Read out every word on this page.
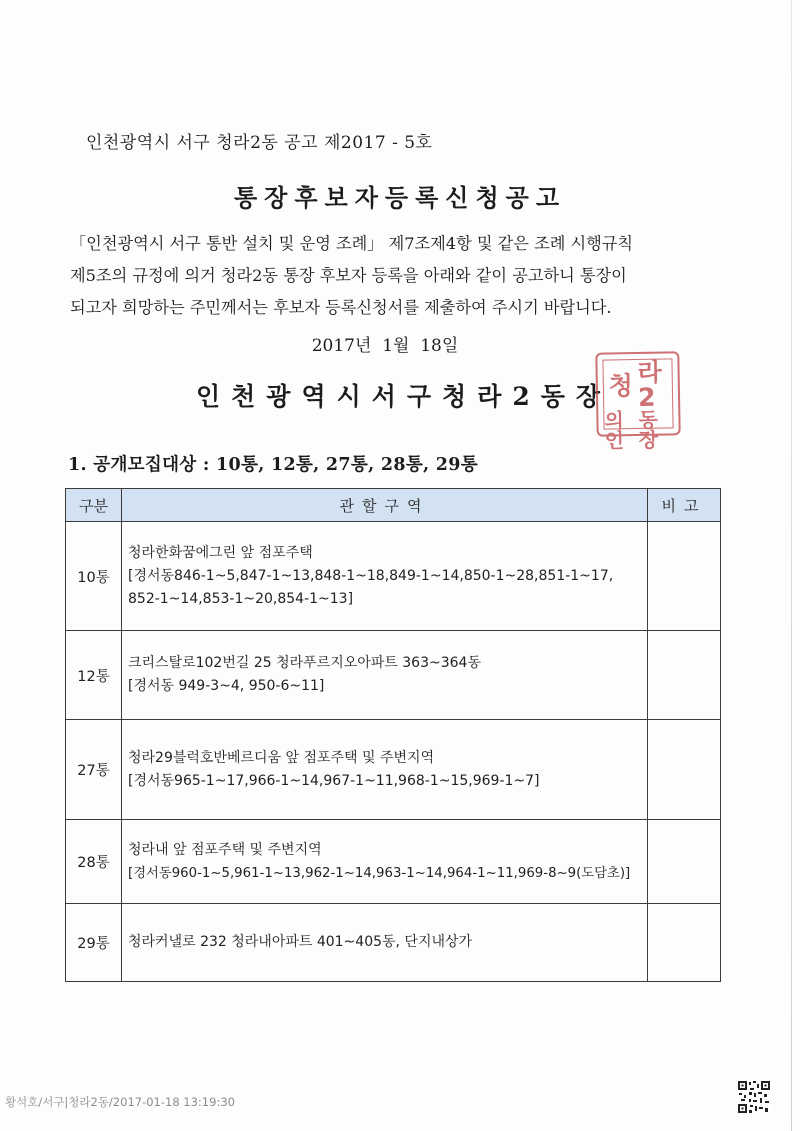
인천광역시 서구 청라2동 공고 제2017 - 5호
통장후보자등록신청공고
「인천광역시 서구 통반 설치 및 운영 조례」 제7조제4항 및 같은 조례 시행규칙
제5조의 규정에 의거 청라2동 통장 후보자 등록을 아래와 같이 공고하니 통장이
되고자 희망하는 주민께서는 후보자 등록신청서를 제출하여 주시기 바랍니다.
2017년  1월  18일
인천광역시서구청라2동장
청 라2
의인
동장
1. 공개모집대상 : 10통, 12통, 27통, 28통, 29통
구분	관할구역	비고
10통	청라한화꿈에그린 앞 점포주택
[경서동846-1~5,847-1~13,848-1~18,849-1~14,850-1~28,851-1~17,
852-1~14,853-1~20,854-1~13]	

12통	크리스탈로102번길 25 청라푸르지오아파트 363~364동
[경서동 949-3~4, 950-6~11]	

27통	청라29블럭호반베르디움 앞 점포주택 및 주변지역
[경서동965-1~17,966-1~14,967-1~11,968-1~15,969-1~7]	

28통	청라내 앞 점포주택 및 주변지역
[경서동960-1~5,961-1~13,962-1~14,963-1~14,964-1~11,969-8~9(도담초)]	

29통	청라커낼로 232 청라내아파트 401~405동, 단지내상가	

황석호/서구|청라2동/2017-01-18 13:19:30
